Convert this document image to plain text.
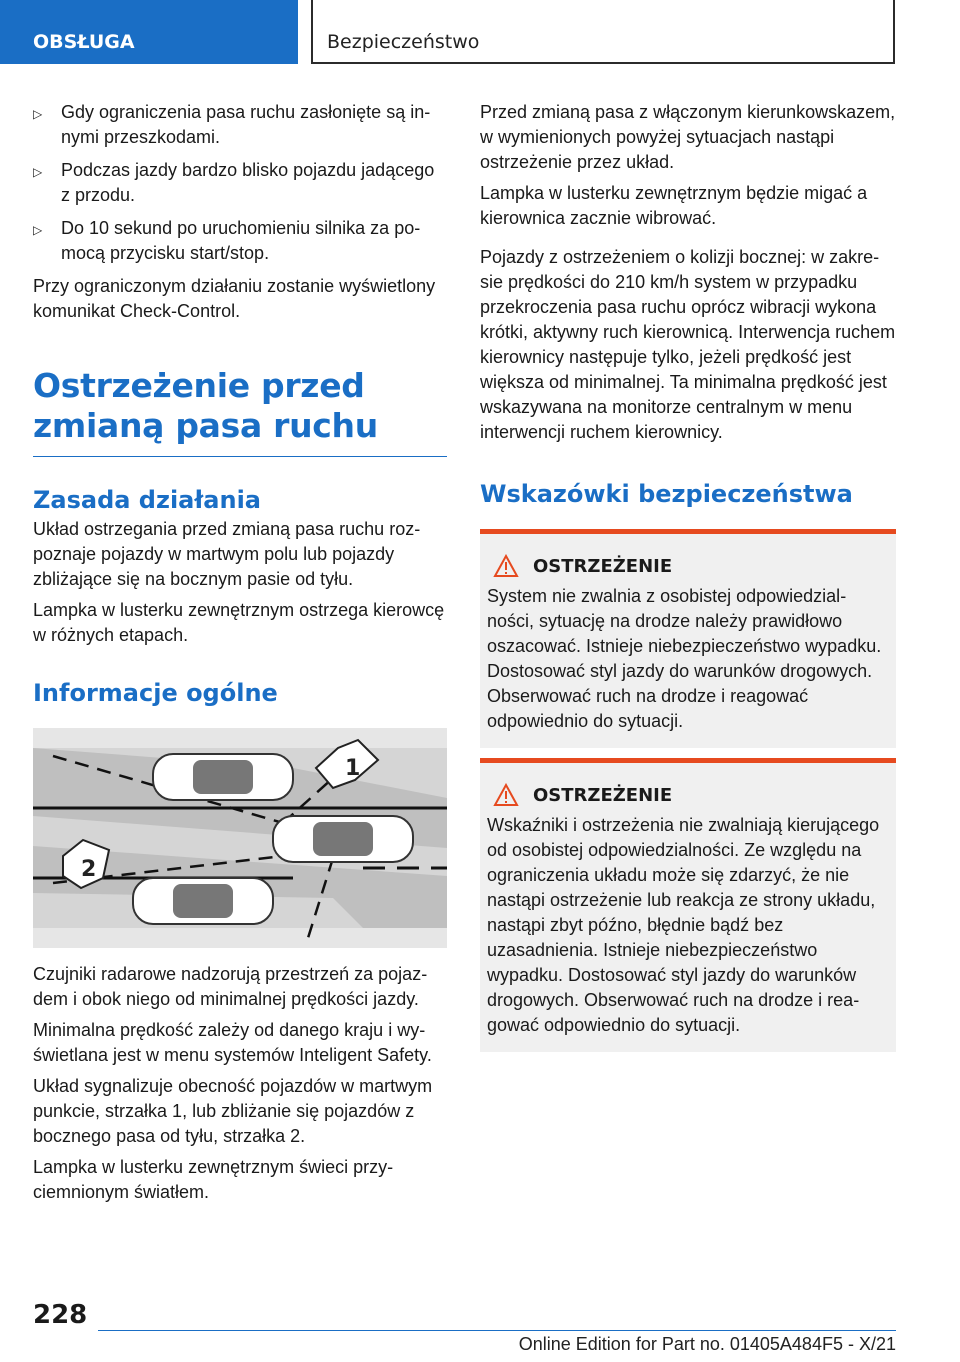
OBSŁUGA	Bezpieczeństwo
▷ Gdy ograniczenia pasa ruchu zasłonięte są innymi przeszkodami.
▷ Podczas jazdy bardzo blisko pojazdu jadącego z przodu.
▷ Do 10 sekund po uruchomieniu silnika za pomocą przycisku start/stop.

Przy ograniczonym działaniu zostanie wyświetlony komunikat Check-Control.

Ostrzeżenie przed zmianą pasa ruchu
Zasada działania

Układ ostrzegania przed zmianą pasa ruchu rozpoznaje pojazdy w martwym polu lub pojazdy zbliżające się na bocznym pasie od tyłu.

Lampka w lusterku zewnętrznym ostrzega kierowcę w różnych etapach.

Informacje ogólne
1
2

Czujniki radarowe nadzorują przestrzeń za pojazdem i obok niego od minimalnej prędkości jazdy.

Minimalna prędkość zależy od danego kraju i wyświetlana jest w menu systemów Inteligent Safety.

Układ sygnalizuje obecność pojazdów w martwym punkcie, strzałka 1, lub zbliżanie się pojazdów z bocznego pasa od tyłu, strzałka 2.

Lampka w lusterku zewnętrznym świeci przyciemnionym światłem.

Przed zmianą pasa z włączonym kierunkowskazem, w wymienionych powyżej sytuacjach nastąpi ostrzeżenie przez układ.

Lampka w lusterku zewnętrznym będzie migać a kierownica zacznie wibrować.

Pojazdy z ostrzeżeniem o kolizji bocznej: w zakresie prędkości do 210 km/h system w przypadku przekroczenia pasa ruchu oprócz wibracji wykona krótki, aktywny ruch kierownicą. Interwencja ruchem kierownicy następuje tylko, jeżeli prędkość jest większa od minimalnej. Ta minimalna prędkość jest wskazywana na monitorze centralnym w menu interwencji ruchem kierownicy.

Wskazówki bezpieczeństwa
OSTRZEŻENIE

System nie zwalnia z osobistej odpowiedzialności, sytuację na drodze należy prawidłowo oszacować. Istnieje niebezpieczeństwo wypadku. Dostosować styl jazdy do warunków drogowych. Obserwować ruch na drodze i reagować odpowiednio do sytuacji.

OSTRZEŻENIE

Wskaźniki i ostrzeżenia nie zwalniają kierującego od osobistej odpowiedzialności. Ze względu na ograniczenia układu może się zdarzyć, że nie nastąpi ostrzeżenie lub reakcja ze strony układu, nastąpi zbyt późno, błędnie bądź bez uzasadnienia. Istnieje niebezpieczeństwo wypadku. Dostosować styl jazdy do warunków drogowych. Obserwować ruch na drodze i reagować odpowiednio do sytuacji.

228
Online Edition for Part no. 01405A484F5 - X/21
